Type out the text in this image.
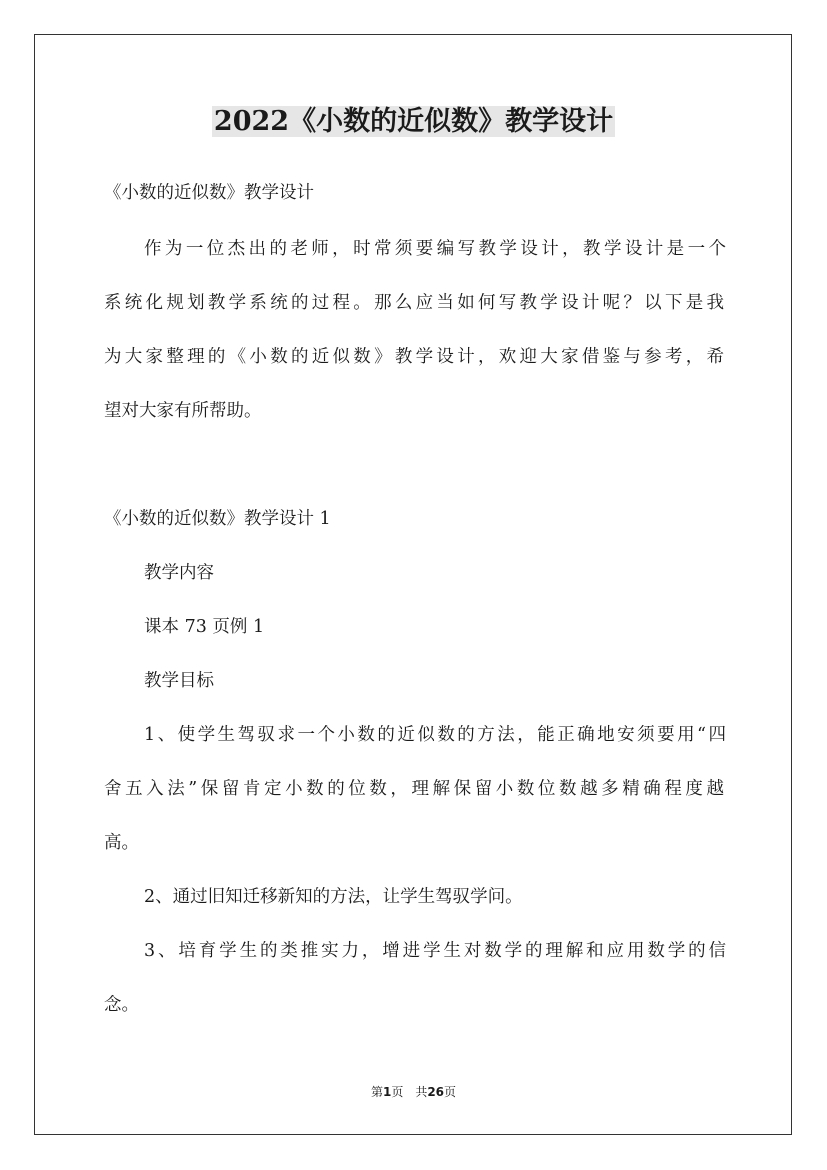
2022《小数的近似数》教学设计
《小数的近似数》教学设计
作为一位杰出的老师，时常须要编写教学设计，教学设计是一个
系统化规划教学系统的过程。那么应当如何写教学设计呢？以下是我
为大家整理的《小数的近似数》教学设计，欢迎大家借鉴与参考，希
望对大家有所帮助。
《小数的近似数》教学设计 1
教学内容
课本 73 页例 1
教学目标
1、使学生驾驭求一个小数的近似数的方法，能正确地安须要用“四
舍五入法”保留肯定小数的位数，理解保留小数位数越多精确程度越
高。
2、通过旧知迁移新知的方法，让学生驾驭学问。
3、培育学生的类推实力，增进学生对数学的理解和应用数学的信
念。
第1页　共26页
